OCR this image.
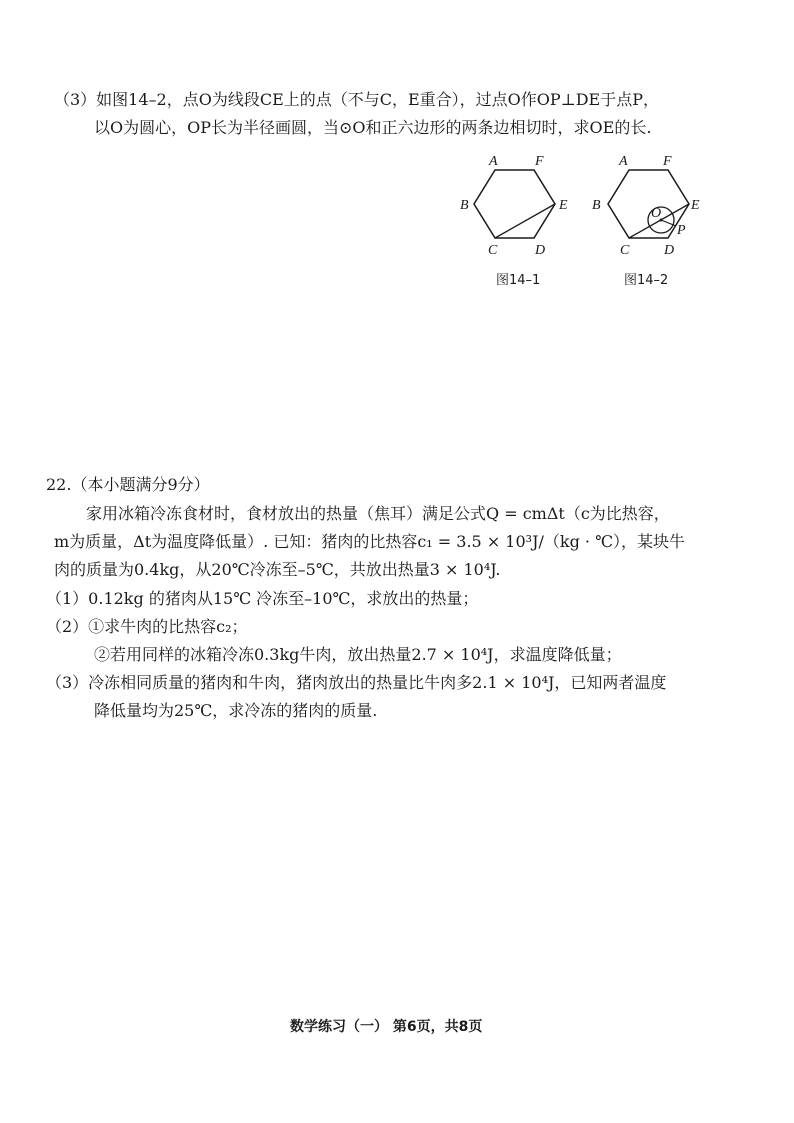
（3）如图14–2，点O为线段CE上的点（不与C，E重合），过点O作OP⊥DE于点P，
以O为圆心，OP长为半径画圆，当⊙O和正六边形的两条边相切时，求OE的长.
A	F
B	E
C	D
图14–1
A	F
B	E
O
P
C D
图14–2
22.（本小题满分9分）
家用冰箱冷冻食材时，食材放出的热量（焦耳）满足公式Q = cmΔt（c为比热容，
m为质量，Δt为温度降低量）. 已知：猪肉的比热容c₁ = 3.5 × 10³J/（kg · ℃），某块牛
肉的质量为0.4kg，从20℃冷冻至–5℃，共放出热量3 × 10⁴J.
（1）0.12kg 的猪肉从15℃ 冷冻至–10℃，求放出的热量；
（2）①求牛肉的比热容c₂；
②若用同样的冰箱冷冻0.3kg牛肉，放出热量2.7 × 10⁴J，求温度降低量；
（3）冷冻相同质量的猪肉和牛肉，猪肉放出的热量比牛肉多2.1 × 10⁴J，已知两者温度
降低量均为25℃，求冷冻的猪肉的质量.
数学练习（一） 第6页，共8页
